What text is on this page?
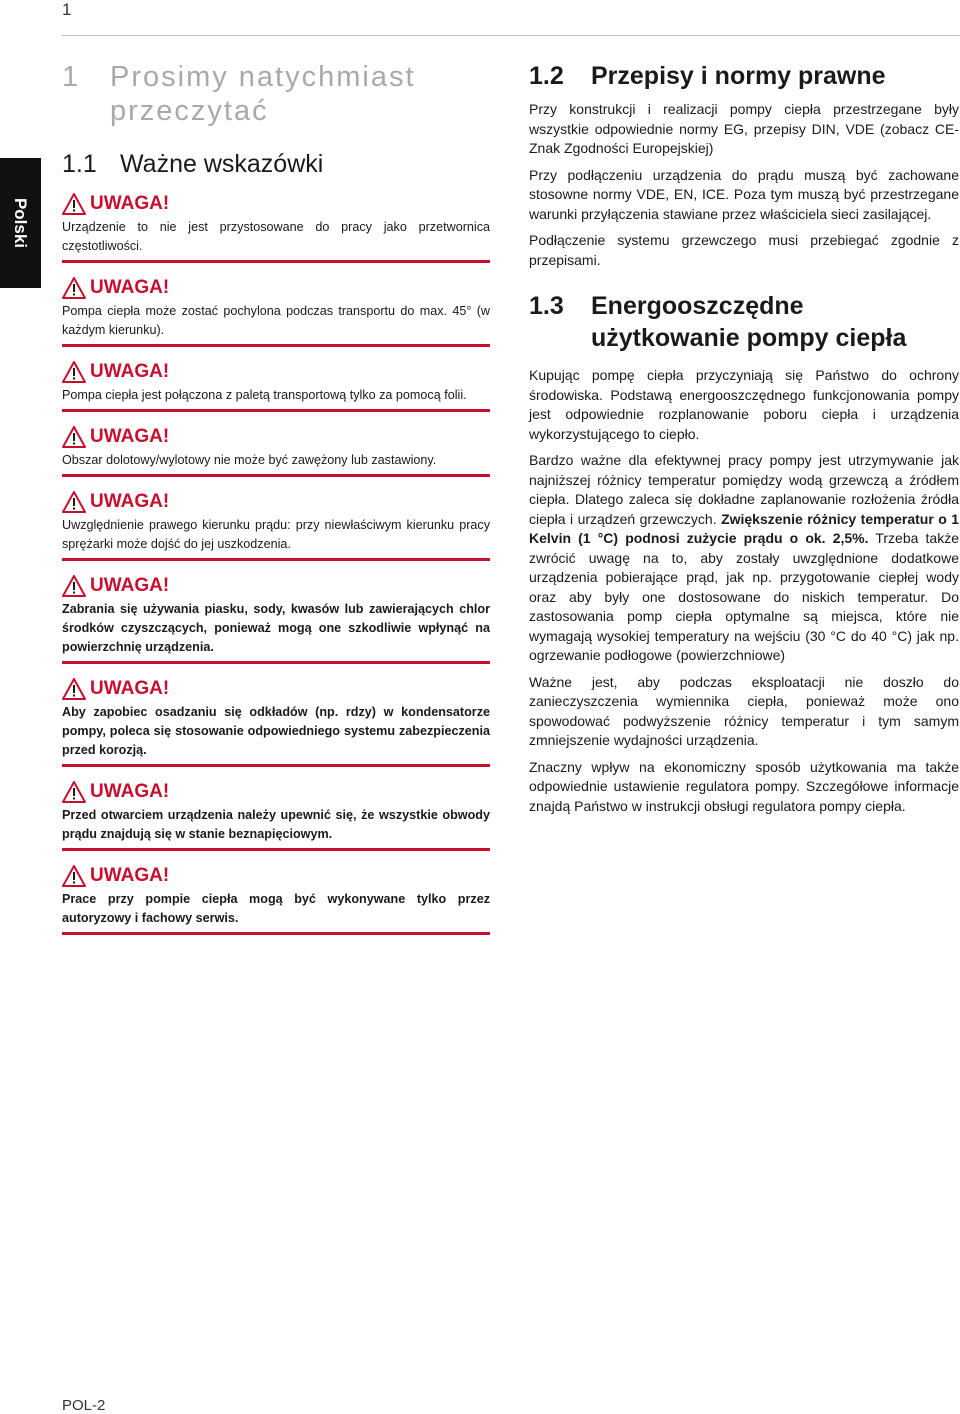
1
Polski
1	Prosimy natychmiast przeczytać
1.1 Ważne wskazówki
UWAGA!
Urządzenie to nie jest przystosowane do pracy jako przetwornica częstotliwości.
UWAGA!
Pompa ciepła może zostać pochylona podczas transportu do max. 45° (w każdym kierunku).
UWAGA!
Pompa ciepła jest połączona z paletą transportową tylko za pomocą folii.
UWAGA!
Obszar dolotowy/wylotowy nie może być zawężony lub zastawiony.
UWAGA!
Uwzględnienie prawego kierunku prądu: przy niewłaściwym kierunku pracy sprężarki może dojść do jej uszkodzenia.
UWAGA!
Zabrania się używania piasku, sody, kwasów lub zawierających chlor środków czyszczących, ponieważ mogą one szkodliwie wpłynąć na powierzchnię urządzenia.
UWAGA!
Aby zapobiec osadzaniu się odkładów (np. rdzy) w kondensatorze pompy, poleca się stosowanie odpowiedniego systemu zabezpieczenia przed korozją.
UWAGA!
Przed otwarciem urządzenia należy upewnić się, że wszystkie obwody prądu znajdują się w stanie beznapięciowym.
UWAGA!
Prace przy pompie ciepła mogą być wykonywane tylko przez autoryzowy i fachowy serwis.
1.2	Przepisy i normy prawne

Przy konstrukcji i realizacji pompy ciepła przestrzegane były wszystkie odpowiednie normy EG, przepisy DIN, VDE (zobacz CE-Znak Zgodności Europejskiej)

Przy podłączeniu urządzenia do prądu muszą być zachowane stosowne normy VDE, EN, ICE. Poza tym muszą być przestrzegane warunki przyłączenia stawiane przez właściciela sieci zasilającej.

Podłączenie systemu grzewczego musi przebiegać zgodnie z przepisami.

1.3	Energooszczędne użytkowanie pompy ciepła

Kupując pompę ciepła przyczyniają się Państwo do ochrony środowiska. Podstawą energooszczędnego funkcjonowania pompy jest odpowiednie rozplanowanie poboru ciepła i urządzenia wykorzystującego to ciepło.

Bardzo ważne dla efektywnej pracy pompy jest utrzymywanie jak najniższej różnicy temperatur pomiędzy wodą grzewczą a źródłem ciepła. Dlatego zaleca się dokładne zaplanowanie rozłożenia źródła ciepła i urządzeń grzewczych. Zwiększenie różnicy temperatur o 1 Kelvin (1 °C) podnosi zużycie prądu o ok. 2,5%. Trzeba także zwrócić uwagę na to, aby zostały uwzględnione dodatkowe urządzenia pobierające prąd, jak np. przygotowanie ciepłej wody oraz aby były one dostosowane do niskich temperatur. Do zastosowania pomp ciepła optymalne są miejsca, które nie wymagają wysokiej temperatury na wejściu (30 °C do 40 °C) jak np. ogrzewanie podłogowe (powierzchniowe)

Ważne jest, aby podczas eksploatacji nie doszło do zanieczyszczenia wymiennika ciepła, ponieważ może ono spowodować podwyższenie różnicy temperatur i tym samym zmniejszenie wydajności urządzenia.

Znaczny wpływ na ekonomiczny sposób użytkowania ma także odpowiednie ustawienie regulatora pompy. Szczegółowe informacje znajdą Państwo w instrukcji obsługi regulatora pompy ciepła.

POL-2
